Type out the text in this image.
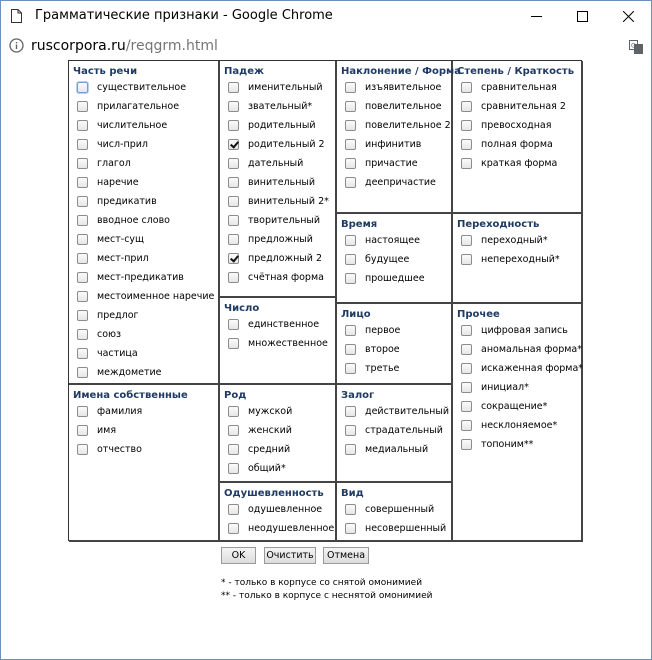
Грамматические признаки - Google Chrome
ruscorpora.ru/reqgrm.html	G
Часть речи
существительное
прилагательное
числительное
числ-прил
глагол
наречие
предикатив
вводное слово
мест-сущ
мест-прил
мест-предикатив
местоименное наречие
предлог
союз
частица
междометие
Падеж
именительный
звательный*
родительный
родительный 2
дательный
винительный
винительный 2*
творительный
предложный
предложный 2
счётная форма
Наклонение / Форма
изъявительное
повелительное
повелительное 2
инфинитив
причастие
деепричастие
Степень / Краткость
сравнительная
сравнительная 2
превосходная
полная форма
краткая форма
Время
настоящее
будущее
прошедшее
Переходность
переходный*
непереходный*
Число
единственное
множественное
Лицо
первое
второе
третье
Прочее
цифровая запись
аномальная форма*
искаженная форма*
инициал*
сокращение*
несклоняемое*
топоним**
Имена собственные
фамилия
имя
отчество
Род
мужской
женский
средний
общий*
Залог
действительный
страдательный
медиальный
Одушевленность
одушевленное
неодушевленное
Вид
совершенный
несовершенный
OK	Очистить	Отмена
* - только в корпусе со снятой омонимией
** - только в корпусе с неснятой омонимией
